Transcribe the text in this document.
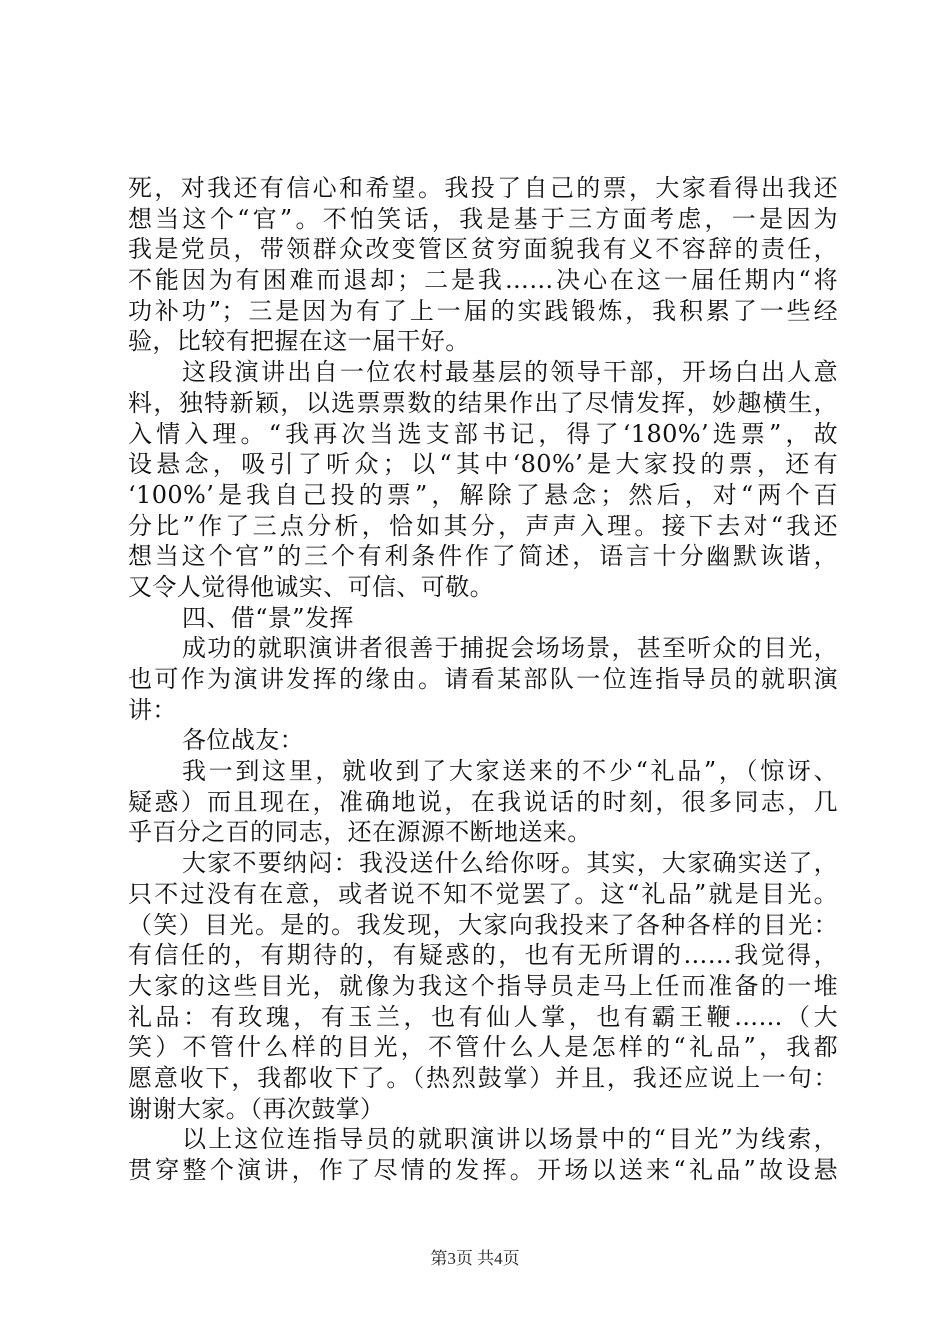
死，对我还有信心和希望。我投了自己的票，大家看得出我还
想当这个“官”。不怕笑话，我是基于三方面考虑，一是因为
我是党员，带领群众改变管区贫穷面貌我有义不容辞的责任，
不能因为有困难而退却；二是我……决心在这一届任期内“将
功补功”；三是因为有了上一届的实践锻炼，我积累了一些经
验，比较有把握在这一届干好。
这段演讲出自一位农村最基层的领导干部，开场白出人意
料，独特新颖，以选票票数的结果作出了尽情发挥，妙趣横生，
入情入理。“我再次当选支部书记，得了‘180%’选票”，故
设悬念，吸引了听众；以“其中‘80%’是大家投的票，还有
‘100%’是我自己投的票”，解除了悬念；然后，对“两个百
分比”作了三点分析，恰如其分，声声入理。接下去对“我还
想当这个官”的三个有利条件作了简述，语言十分幽默诙谐，
又令人觉得他诚实、可信、可敬。
四、借“景”发挥
成功的就职演讲者很善于捕捉会场场景，甚至听众的目光，
也可作为演讲发挥的缘由。请看某部队一位连指导员的就职演
讲：
各位战友：
我一到这里，就收到了大家送来的不少“礼品”，（惊讶、
疑惑）而且现在，准确地说，在我说话的时刻，很多同志，几
乎百分之百的同志，还在源源不断地送来。
大家不要纳闷：我没送什么给你呀。其实，大家确实送了，
只不过没有在意，或者说不知不觉罢了。这“礼品”就是目光。
（笑）目光。是的。我发现，大家向我投来了各种各样的目光：
有信任的，有期待的，有疑惑的，也有无所谓的……我觉得，
大家的这些目光，就像为我这个指导员走马上任而准备的一堆
礼品：有玫瑰，有玉兰，也有仙人掌，也有霸王鞭……（大
笑）不管什么样的目光，不管什么人是怎样的“礼品”，我都
愿意收下，我都收下了。（热烈鼓掌）并且，我还应说上一句：
谢谢大家。（再次鼓掌）
以上这位连指导员的就职演讲以场景中的“目光”为线索，
贯穿整个演讲，作了尽情的发挥。开场以送来“礼品”故设悬
第3页 共4页
